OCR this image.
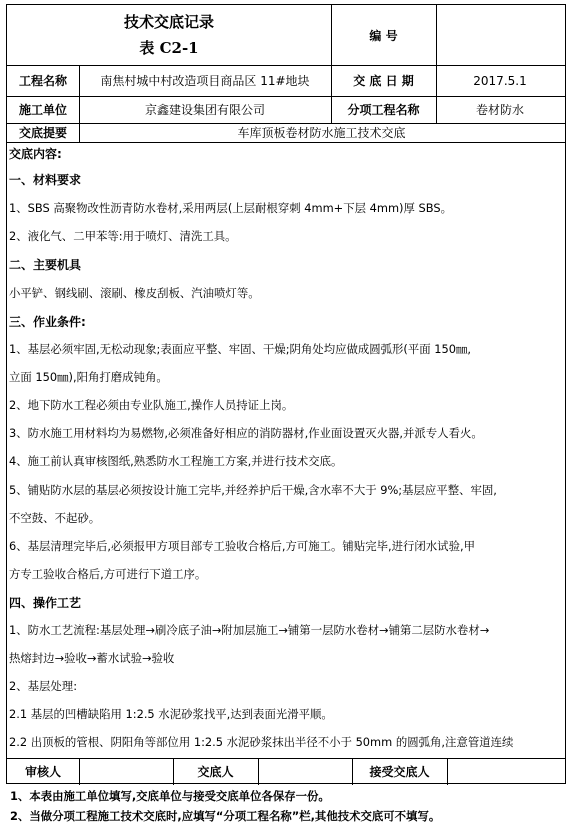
技术交底记录
表 C2-1
编 号
工程名称	南焦村城中村改造项目商品区 11#地块	交 底 日 期	2017.5.1
施工单位	京鑫建设集团有限公司	分项工程名称	卷材防水
交底提要	车库顶板卷材防水施工技术交底
交底内容:
一、材料要求
1、SBS 高聚物改性沥青防水卷材,采用两层(上层耐根穿刺 4mm+下层 4mm)厚 SBS。
2、液化气、二甲苯等:用于喷灯、清洗工具。
二、主要机具
小平铲、钢线刷、滚刷、橡皮刮板、汽油喷灯等。
三、作业条件:
1、基层必须牢固,无松动现象;表面应平整、牢固、干燥;阴角处均应做成圆弧形(平面 150㎜,
立面 150㎜),阳角打磨成钝角。
2、地下防水工程必须由专业队施工,操作人员持证上岗。
3、防水施工用材料均为易燃物,必须准备好相应的消防器材,作业面设置灭火器,并派专人看火。
4、施工前认真审核图纸,熟悉防水工程施工方案,并进行技术交底。
5、铺贴防水层的基层必须按设计施工完毕,并经养护后干燥,含水率不大于 9%;基层应平整、牢固,
不空鼓、不起砂。
6、基层清理完毕后,必须报甲方项目部专工验收合格后,方可施工。铺贴完毕,进行闭水试验,甲
方专工验收合格后,方可进行下道工序。
四、操作工艺
1、防水工艺流程:基层处理→刷冷底子油→附加层施工→铺第一层防水卷材→铺第二层防水卷材→
热熔封边→验收→蓄水试验→验收
2、基层处理:
2.1 基层的凹槽缺陷用 1:2.5 水泥砂浆找平,达到表面光滑平顺。
2.2 出顶板的管根、阴阳角等部位用 1:2.5 水泥砂浆抹出半径不小于 50mm 的圆弧角,注意管道连续
审核人	交底人	接受交底人
1、本表由施工单位填写,交底单位与接受交底单位各保存一份。
2、当做分项工程施工技术交底时,应填写“分项工程名称”栏,其他技术交底可不填写。
